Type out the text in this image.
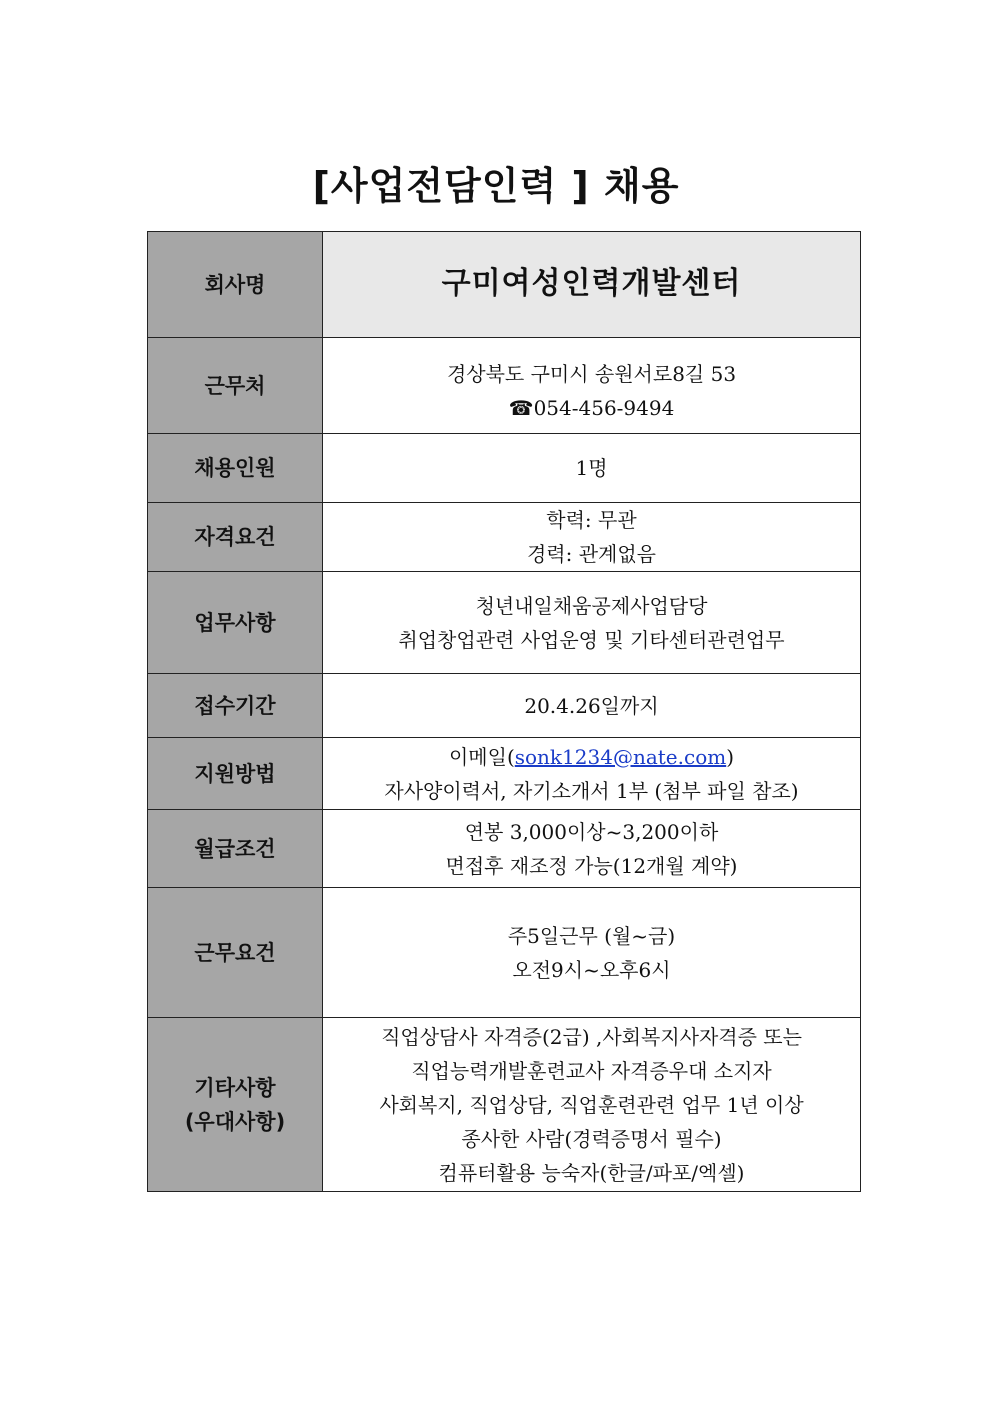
[사업전담인력 ] 채용
회사명	구미여성인력개발센터
근무처	경상북도 구미시 송원서로8길 53
☎054-456-9494

채용인원	1명
자격요건	학력: 무관
경력: 관계없음

업무사항	청년내일채움공제사업담당
취업창업관련 사업운영 및 기타센터관련업무

접수기간	20.4.26일까지
지원방법	이메일(sonk1234@nate.com)
자사양이력서, 자기소개서 1부 (첨부 파일 참조)

월급조건	연봉 3,000이상~3,200이하
면접후 재조정 가능(12개월 계약)

근무요건	주5일근무 (월~금)
오전9시~오후6시

기타사항
(우대사항)	직업상담사 자격증(2급) ,사회복지사자격증 또는
직업능력개발훈련교사 자격증우대 소지자
사회복지, 직업상담, 직업훈련관련 업무 1년 이상
종사한 사람(경력증명서 필수)
컴퓨터활용 능숙자(한글/파포/엑셀)
